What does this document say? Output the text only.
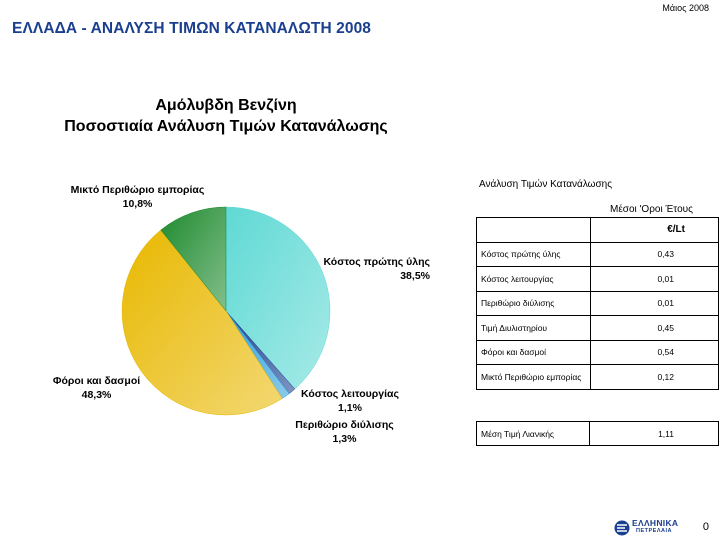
Μάιος 2008
ΕΛΛΑΔΑ - ΑΝΑΛΥΣΗ ΤΙΜΩΝ ΚΑΤΑΝΑΛΩΤΗ 2008
Αμόλυβδη Βενζίνη
Ποσοστιαία Ανάλυση Τιμών Κατανάλωσης
Μικτό Περιθώριο εμπορίας
10,8%
Κόστος πρώτης ύλης
38,5%
Κόστος λειτουργίας
1,1%
Περιθώριο διύλισης
1,3%
Φόροι και δασμοί
48,3%
Ανάλυση Τιμών Κατανάλωσης
Μέσοι 'Οροι Έτους
	€/Lt
Κόστος πρώτης ύλης	0,43
Κόστος λειτουργίας	0,01
Περιθώριο διύλισης	0,01
Τιμή Διυλιστηρίου	0,45
Φόροι και δασμοί	0,54
Μικτό Περιθώριο εμπορίας	0,12
Μέση Τιμή Λιανικής	1,11
ΕΛΛΗΝΙΚΑ
ΠΕΤΡΕΛΑΙΑ	0
